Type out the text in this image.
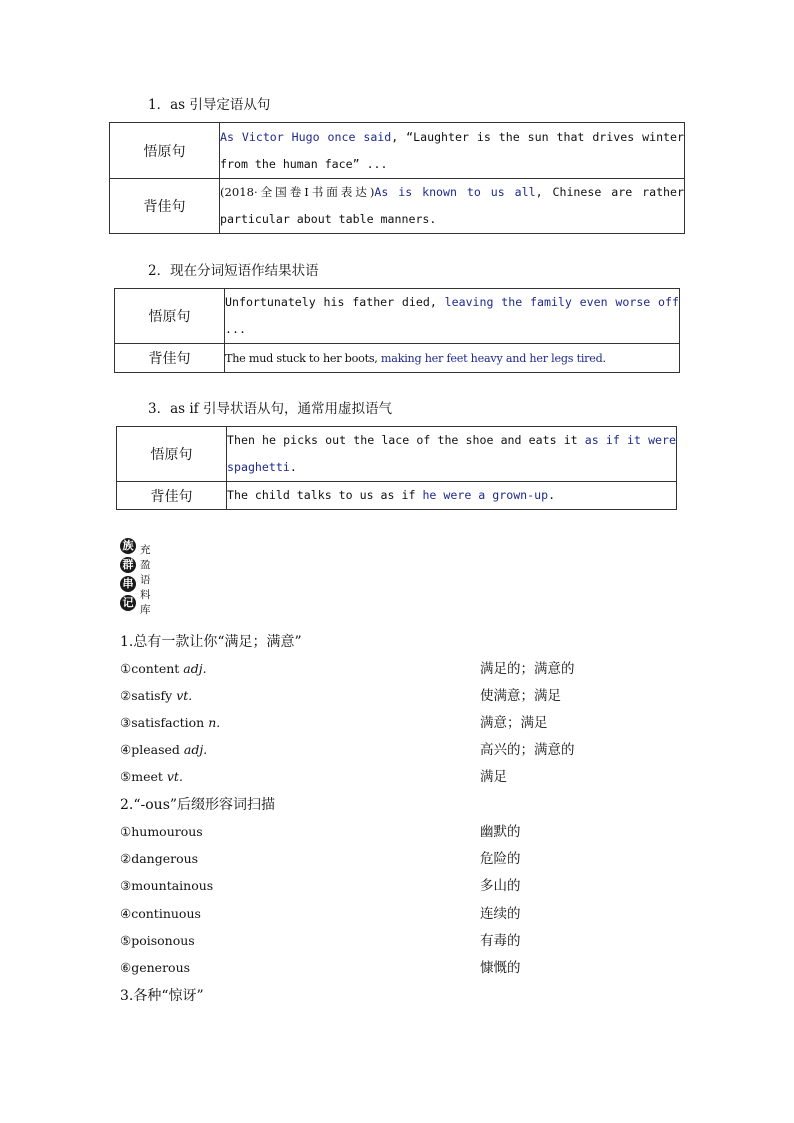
1．as 引导定语从句
悟原句	As Victor Hugo once said, “Laughter is the sun that drives winter from the human face” ...
背佳句	(2018·全国卷Ⅰ书面表达)As is known to us all, Chinese are rather particular about table manners.
2．现在分词短语作结果状语
悟原句	Unfortunately his father died, leaving the family even worse off ...
背佳句	The mud stuck to her boots, making her feet heavy and her legs tired.
3．as if 引导状语从句，通常用虚拟语气
悟原句	Then he picks out the lace of the shoe and eats it as if it were spaghetti.
背佳句	The child talks to us as if he were a grown-up.
族
群
串
记
充
盈
语
料
库
1.总有一款让你“满足；满意”
①content adj.	满足的；满意的
②satisfy vt.	使满意；满足
③satisfaction n.	满意；满足
④pleased adj.	高兴的；满意的
⑤meet vt.	满足
2.“-ous”后缀形容词扫描
①humourous	幽默的
②dangerous	危险的
③mountainous	多山的
④continuous	连续的
⑤poisonous	有毒的
⑥generous	慷慨的
3.各种“惊讶”
